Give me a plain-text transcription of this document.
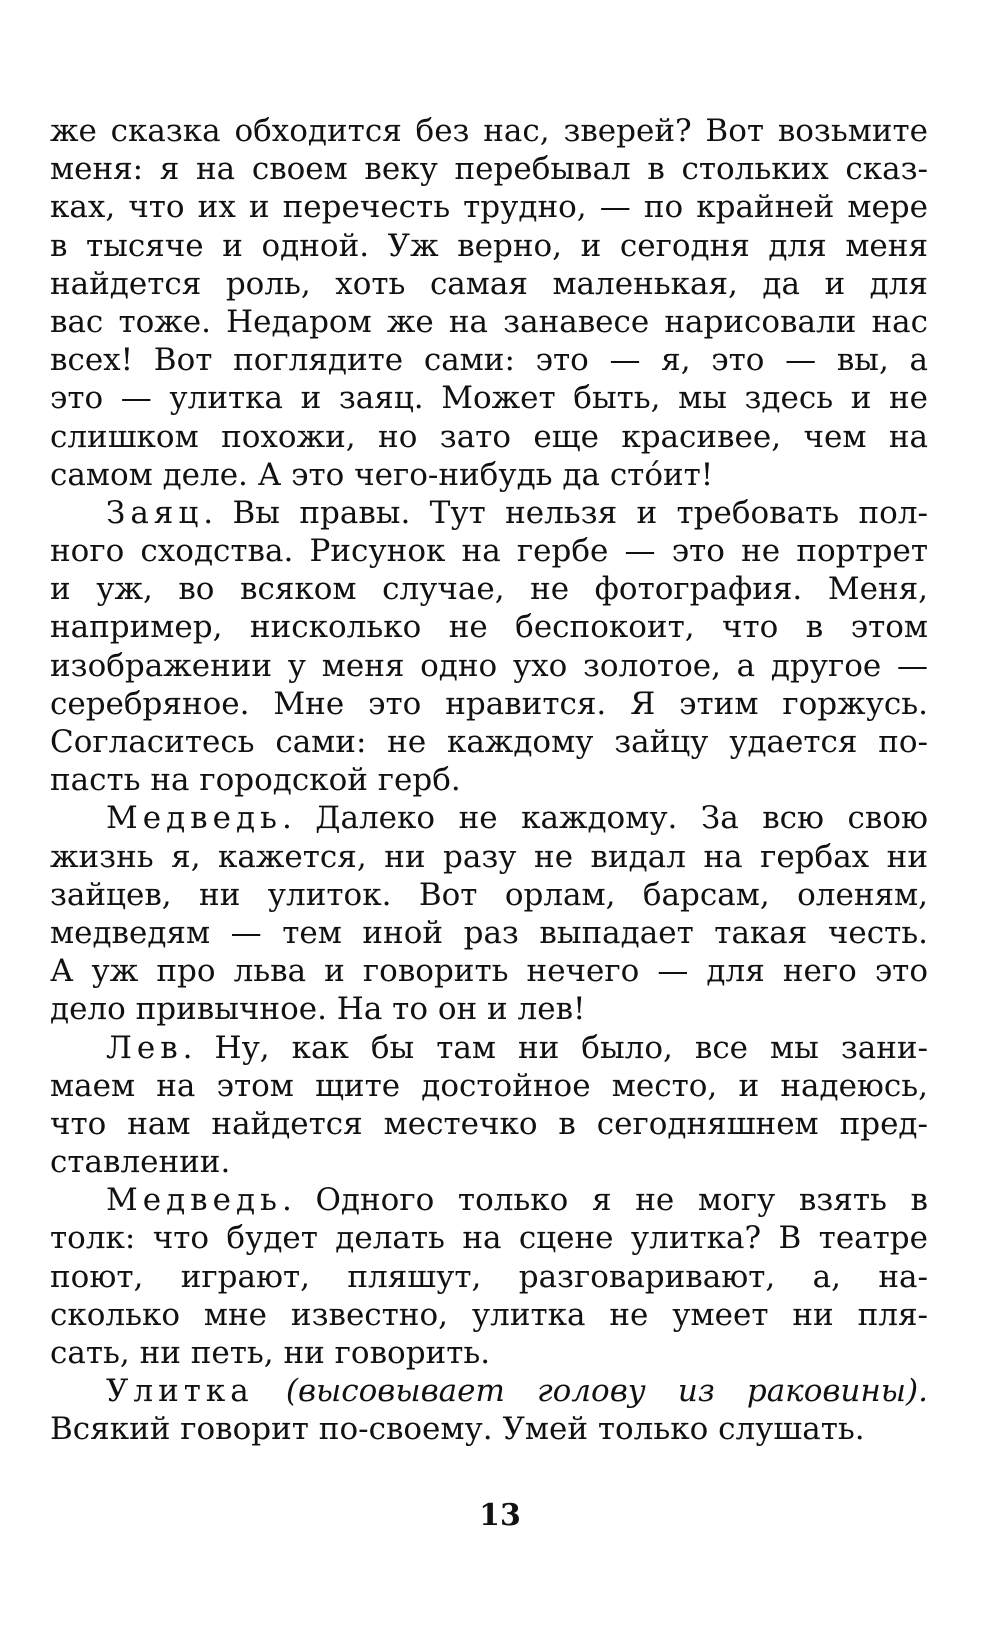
же сказка обходится без нас, зверей? Вот возьмите
меня: я на своем веку перебывал в стольких сказ-
ках, что их и перечесть трудно, — по крайней мере
в тысяче и одной. Уж верно, и сегодня для меня
найдется роль, хоть самая маленькая, да и для
вас тоже. Недаром же на занавесе нарисовали нас
всех! Вот поглядите сами: это — я, это — вы, а
это — улитка и заяц. Может быть, мы здесь и не
слишком похожи, но зато еще красивее, чем на
самом деле. А это чего-нибудь да сто́ит!
Заяц. Вы правы. Тут нельзя и требовать пол-
ного сходства. Рисунок на гербе — это не портрет
и уж, во всяком случае, не фотография. Меня,
например, нисколько не беспокоит, что в этом
изображении у меня одно ухо золотое, а другое —
серебряное. Мне это нравится. Я этим горжусь.
Согласитесь сами: не каждому зайцу удается по-
пасть на городской герб.
Медведь. Далеко не каждому. За всю свою
жизнь я, кажется, ни разу не видал на гербах ни
зайцев, ни улиток. Вот орлам, барсам, оленям,
медведям — тем иной раз выпадает такая честь.
А уж про льва и говорить нечего — для него это
дело привычное. На то он и лев!
Лев. Ну, как бы там ни было, все мы зани-
маем на этом щите достойное место, и надеюсь,
что нам найдется местечко в сегодняшнем пред-
ставлении.
Медведь. Одного только я не могу взять в
толк: что будет делать на сцене улитка? В театре
поют, играют, пляшут, разговаривают, а, на-
сколько мне известно, улитка не умеет ни пля-
сать, ни петь, ни говорить.
Улитка (высовывает голову из раковины).
Всякий говорит по-своему. Умей только слушать.
13
